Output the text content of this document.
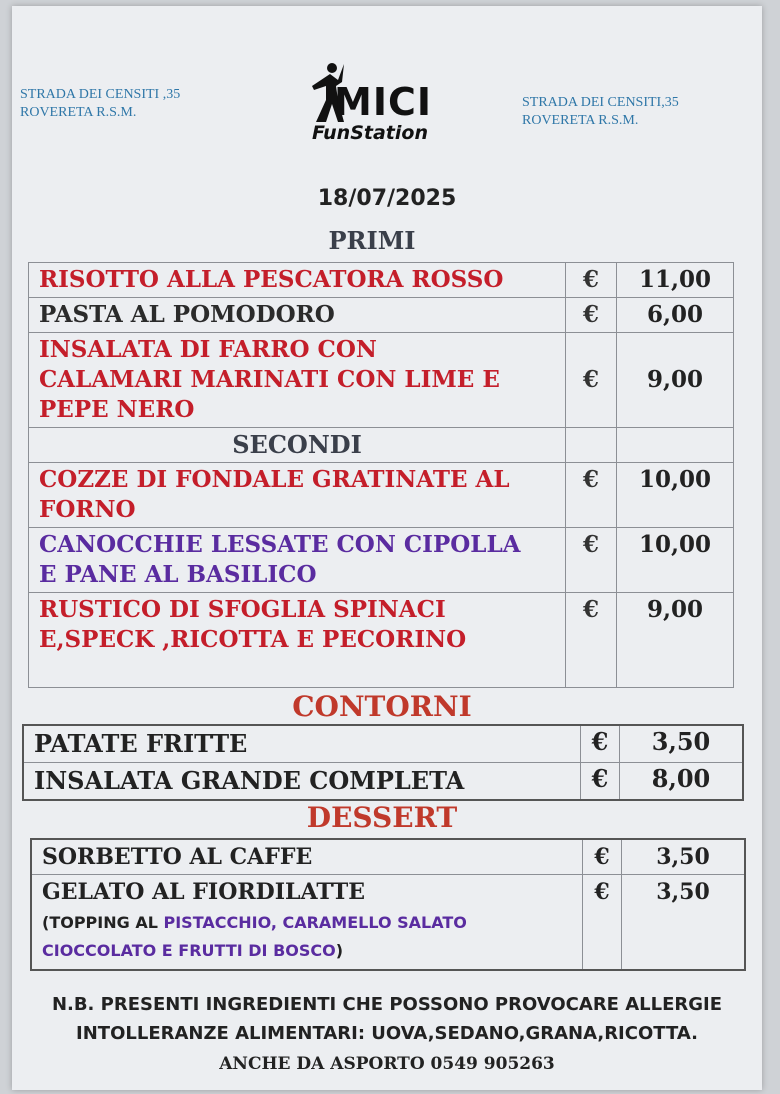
STRADA DEI CENSITI ,35
ROVERETA R.S.M.	MICI
FunStation
STRADA DEI CENSITI,35
ROVERETA R.S.M.
18/07/2025
PRIMI
RISOTTO ALLA PESCATORA ROSSO	€	11,00

PASTA AL POMODORO	€	6,00

INSALATA DI FARRO CON
CALAMARI MARINATI CON LIME E
PEPE NERO	€	9,00
SECONDI		

COZZE DI FONDALE GRATINATE AL
FORNO	€	10,00

CANOCCHIE LESSATE CON CIPOLLA
E PANE AL BASILICO	€	10,00

RUSTICO DI SFOGLIA SPINACI
E,SPECK ,RICOTTA E PECORINO	€	9,00
CONTORNI
PATATE FRITTE	€	3,50
INSALATA GRANDE COMPLETA	€	8,00
DESSERT
SORBETTO AL CAFFE	€	3,50

GELATO AL FIORDILATTE
(TOPPING AL PISTACCHIO, CARAMELLO SALATO
CIOCCOLATO E FRUTTI DI BOSCO)	€	3,50
N.B. PRESENTI INGREDIENTI CHE POSSONO PROVOCARE ALLERGIE
INTOLLERANZE ALIMENTARI: UOVA,SEDANO,GRANA,RICOTTA.
ANCHE DA ASPORTO 0549 905263
